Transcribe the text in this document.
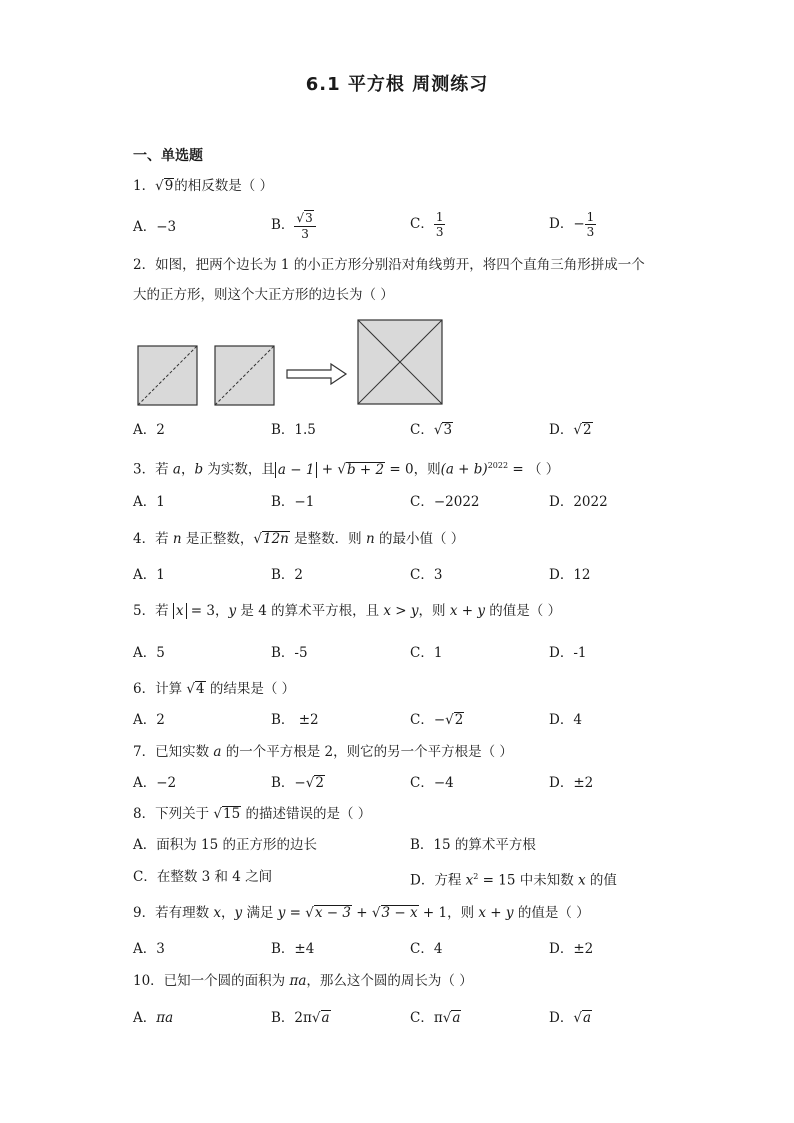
6.1 平方根 周测练习
一、单选题
1．√9的相反数是（ ）
A．−3	B． $\frac{√3}{3}$	C． $\frac{1}{3}$	D．− $\frac{1}{3}$
2．如图，把两个边长为 1 的小正方形分别沿对角线剪开，将四个直角三角形拼成一个
大的正方形，则这个大正方形的边长为（ ）
A．2	B．1.5	C．√3	D．√2
3．若 a，b 为实数，且 a − 1 + √b + 2 = 0，则$(a + b)^{2022}$ = （ ）
A．1	B．−1	C．−2022	D．2022
4．若 n 是正整数，√12n 是整数．则 n 的最小值（ ）
A．1	B．2	C．3	D．12
5．若 x = 3，y 是 4 的算术平方根，且 x > y，则 x + y 的值是（ ）
A．5	B．-5	C．1	D．-1
6．计算 √4 的结果是（ ）
A．2	B． ±2	C．−√2	D．4
7．已知实数 a 的一个平方根是 2，则它的另一个平方根是（ ）
A．−2	B．−√2	C．−4	D．±2
8．下列关于 √15 的描述错误的是（ ）
A．面积为 15 的正方形的边长	B．15 的算术平方根
C．在整数 3 和 4 之间	D．方程 $x^2 = 15$ 中未知数 x 的值
9．若有理数 x，y 满足 y = √x − 3 + √3 − x + 1，则 x + y 的值是（ ）
A．3	B．±4	C．4	D．±2
10．已知一个圆的面积为 πa，那么这个圆的周长为（ ）
A．πa	B．2π√a	C．π√a	D．√a
